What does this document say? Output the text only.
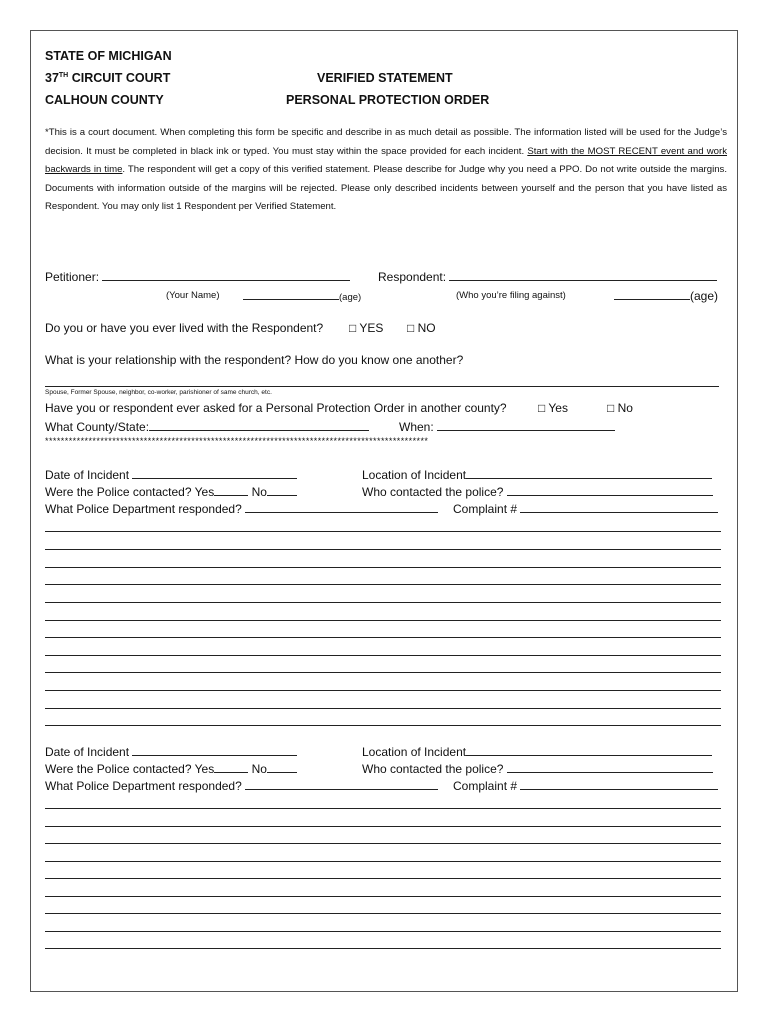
STATE OF MICHIGAN
37TH CIRCUIT COURT
CALHOUN COUNTY
VERIFIED STATEMENT
PERSONAL PROTECTION ORDER
*This is a court document. When completing this form be specific and describe in as much detail as possible. The information listed will be used for the Judge’s decision. It must be completed in black ink or typed. You must stay within the space provided for each incident. Start with the MOST RECENT event and work backwards in time. The respondent will get a copy of this verified statement. Please describe for Judge why you need a PPO. Do not write outside the margins. Documents with information outside of the margins will be rejected. Please only described incidents between yourself and the person that you have listed as Respondent. You may only list 1 Respondent per Verified Statement.
Petitioner:	Respondent:
(Your Name)	(age)	(Who you’re filing against)	(age)
Do you or have you ever lived with the Respondent? □ YES □ NO
What is your relationship with the respondent? How do you know one another?
Spouse, Former Spouse, neighbor, co-worker, parishioner of same church, etc.
Have you or respondent ever asked for a Personal Protection Order in another county?	□ Yes	□ No
What County/State:	When:
*************************************************************************************************
Date of Incident	Location of Incident
Were the Police contacted? Yes	No	Who contacted the police?
What Police Department responded?	Complaint #
Date of Incident	Location of Incident
Were the Police contacted? Yes	No	Who contacted the police?
What Police Department responded?	Complaint #
